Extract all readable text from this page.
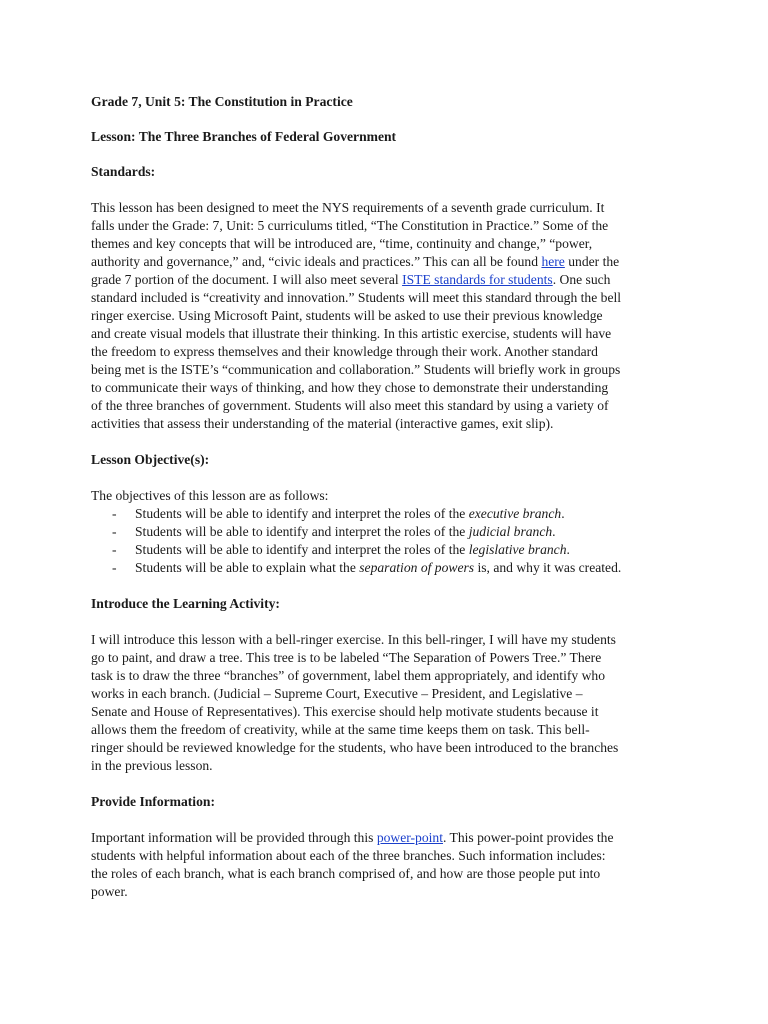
Grade 7, Unit 5: The Constitution in Practice
Lesson: The Three Branches of Federal Government
Standards:
This lesson has been designed to meet the NYS requirements of a seventh grade curriculum. It
falls under the Grade: 7, Unit: 5 curriculums titled, “The Constitution in Practice.” Some of the
themes and key concepts that will be introduced are, “time, continuity and change,” “power,
authority and governance,” and, “civic ideals and practices.” This can all be found here under the
grade 7 portion of the document. I will also meet several ISTE standards for students. One such
standard included is “creativity and innovation.” Students will meet this standard through the bell
ringer exercise. Using Microsoft Paint, students will be asked to use their previous knowledge
and create visual models that illustrate their thinking. In this artistic exercise, students will have
the freedom to express themselves and their knowledge through their work. Another standard
being met is the ISTE’s “communication and collaboration.” Students will briefly work in groups
to communicate their ways of thinking, and how they chose to demonstrate their understanding
of the three branches of government. Students will also meet this standard by using a variety of
activities that assess their understanding of the material (interactive games, exit slip).
Lesson Objective(s):
The objectives of this lesson are as follows:
- Students will be able to identify and interpret the roles of the executive branch.
- Students will be able to identify and interpret the roles of the judicial branch.
- Students will be able to identify and interpret the roles of the legislative branch.
- Students will be able to explain what the separation of powers is, and why it was created.
Introduce the Learning Activity:
I will introduce this lesson with a bell-ringer exercise. In this bell-ringer, I will have my students
go to paint, and draw a tree. This tree is to be labeled “The Separation of Powers Tree.” There
task is to draw the three “branches” of government, label them appropriately, and identify who
works in each branch. (Judicial – Supreme Court, Executive – President, and Legislative –
Senate and House of Representatives). This exercise should help motivate students because it
allows them the freedom of creativity, while at the same time keeps them on task. This bell-
ringer should be reviewed knowledge for the students, who have been introduced to the branches
in the previous lesson.
Provide Information:
Important information will be provided through this power-point. This power-point provides the
students with helpful information about each of the three branches. Such information includes:
the roles of each branch, what is each branch comprised of, and how are those people put into
power.
